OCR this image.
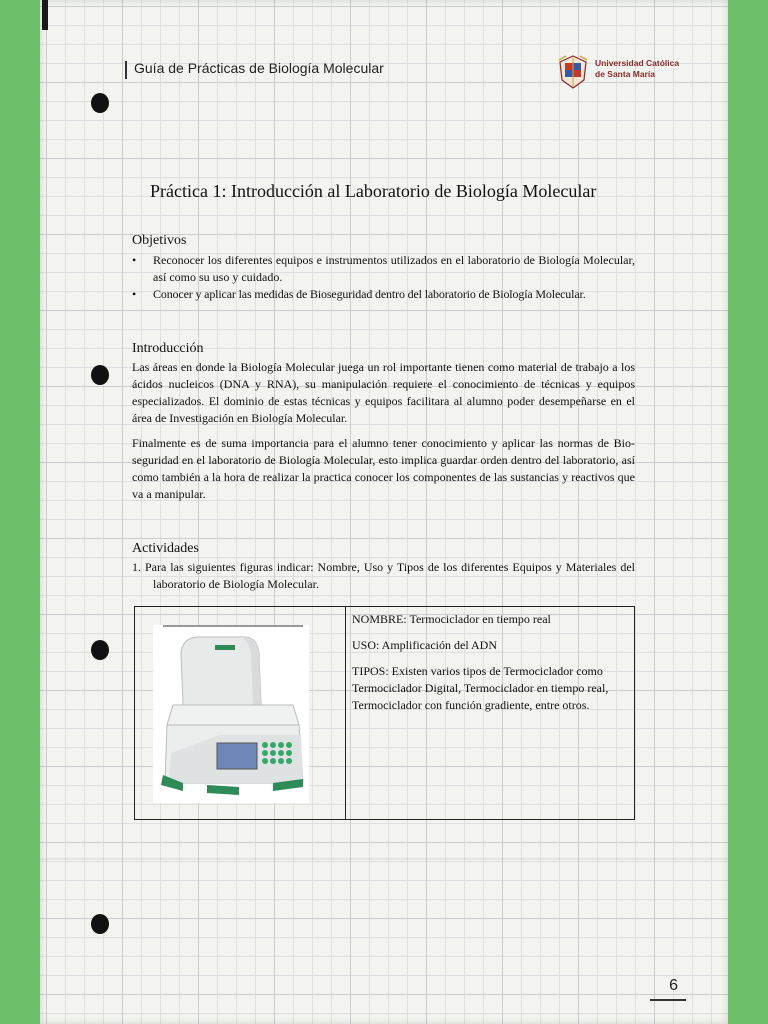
Guía de Prácticas de Biología Molecular	Universidad Católica
de Santa María
Práctica 1: Introducción al Laboratorio de Biología Molecular
Objetivos
• Reconocer los diferentes equipos e instrumentos utilizados en el laboratorio de Biología Molecular, así como su uso y cuidado.
• Conocer y aplicar las medidas de Bioseguridad dentro del laboratorio de Biología Molecular.
Introducción
Las áreas en donde la Biología Molecular juega un rol importante tienen como material de trabajo a los ácidos nucleicos (DNA y RNA), su manipulación requiere el conocimiento de técnicas y equipos especializados. El dominio de estas técnicas y equipos facilitara al alumno poder desempeñarse en el área de Investigación en Biología Molecular.
Finalmente es de suma importancia para el alumno tener conocimiento y aplicar las normas de Bio-seguridad en el laboratorio de Biología Molecular, esto implica guardar orden dentro del laboratorio, así como también a la hora de realizar la practica conocer los componentes de las sustancias y reactivos que va a manipular.
Actividades
1. Para las siguientes figuras indicar: Nombre, Uso y Tipos de los diferentes Equipos y Materiales del laboratorio de Biología Molecular.

NOMBRE: Termociclador en tiempo real

USO: Amplificación del ADN

TIPOS: Existen varios tipos de Termociclador como Termociclador Digital, Termociclador en tiempo real, Termociclador con función gradiente, entre otros.

6
